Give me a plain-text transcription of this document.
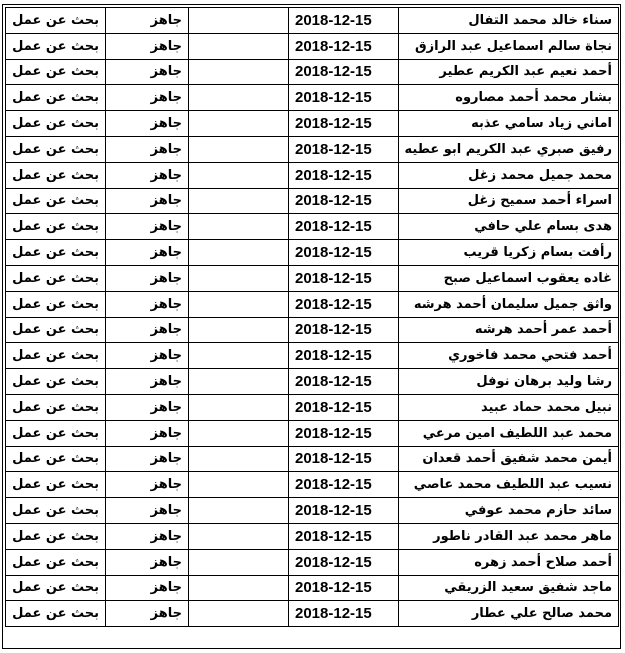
بحث عن عمل	جاهز		2018-12-15	سناء خالد محمد التفال
بحث عن عمل	جاهز		2018-12-15	نجاة سالم اسماعيل عبد الرازق
بحث عن عمل	جاهز		2018-12-15	أحمد نعيم عبد الكريم عطير
بحث عن عمل	جاهز		2018-12-15	بشار محمد أحمد مصاروه
بحث عن عمل	جاهز		2018-12-15	اماني زياد سامي عذبه
بحث عن عمل	جاهز		2018-12-15	رفيق صبري عبد الكريم ابو عطيه
بحث عن عمل	جاهز		2018-12-15	محمد جميل محمد زغل
بحث عن عمل	جاهز		2018-12-15	اسراء أحمد سميح زغل
بحث عن عمل	جاهز		2018-12-15	هدى بسام علي حافي
بحث عن عمل	جاهز		2018-12-15	رأفت بسام زكريا قريب
بحث عن عمل	جاهز		2018-12-15	غاده يعقوب اسماعيل صبح
بحث عن عمل	جاهز		2018-12-15	واثق جميل سليمان أحمد هرشه
بحث عن عمل	جاهز		2018-12-15	أحمد عمر أحمد هرشه
بحث عن عمل	جاهز		2018-12-15	أحمد فتحي محمد فاخوري
بحث عن عمل	جاهز		2018-12-15	رشا وليد برهان نوفل
بحث عن عمل	جاهز		2018-12-15	نبيل محمد حماد عبيد
بحث عن عمل	جاهز		2018-12-15	محمد عبد اللطيف امين مرعي
بحث عن عمل	جاهز		2018-12-15	أيمن محمد شفيق أحمد قعدان
بحث عن عمل	جاهز		2018-12-15	نسيب عبد اللطيف محمد عاصي
بحث عن عمل	جاهز		2018-12-15	سائد حازم محمد عوفي
بحث عن عمل	جاهز		2018-12-15	ماهر محمد عبد القادر ناطور
بحث عن عمل	جاهز		2018-12-15	أحمد صلاح أحمد زهره
بحث عن عمل	جاهز		2018-12-15	ماجد شفيق سعيد الزريقي
بحث عن عمل	جاهز		2018-12-15	محمد صالح علي عطار
